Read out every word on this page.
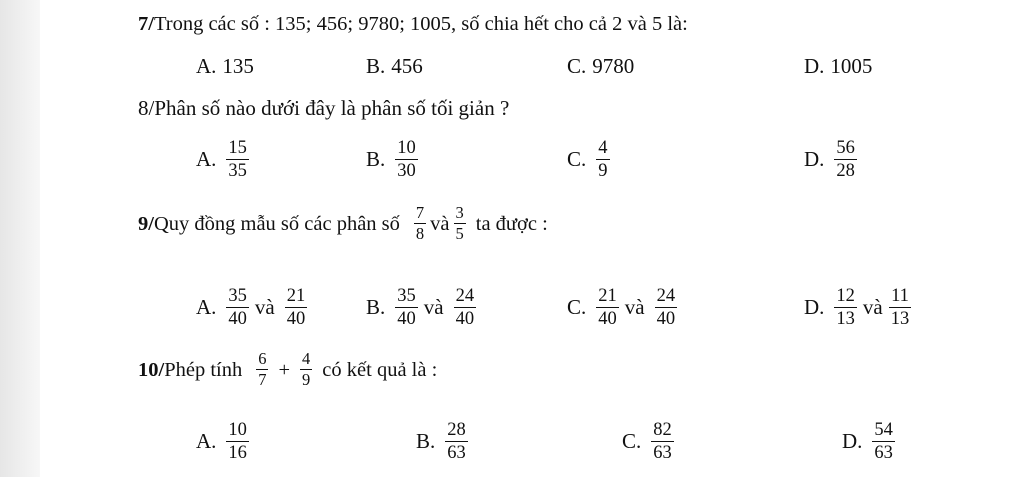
7/ Trong các số : 135; 456; 9780; 1005, số chia hết cho cả 2 và 5 là:
A. 135	B. 456	C. 9780	D. 1005
8/Phân số nào dưới đây là phân số tối giản ?
A. $\frac{15}{35}$	B. $\frac{10}{30}$	C. $\frac{4}{9}$	D. $\frac{56}{28}$
9/ Quy đồng mẫu số các phân số $\frac{7}{8}$ và $\frac{3}{5}$ ta được :
A. $\frac{35}{40}$ và $\frac{21}{40}$	B. $\frac{35}{40}$ và $\frac{24}{40}$	C. $\frac{21}{40}$ và $\frac{24}{40}$	D. $\frac{12}{13}$ và $\frac{11}{13}$
10/ Phép tính $\frac{6}{7} + \frac{4}{9}$ có kết quả là :
A. $\frac{10}{16}$	B. $\frac{28}{63}$	C. $\frac{82}{63}$	D. $\frac{54}{63}$
